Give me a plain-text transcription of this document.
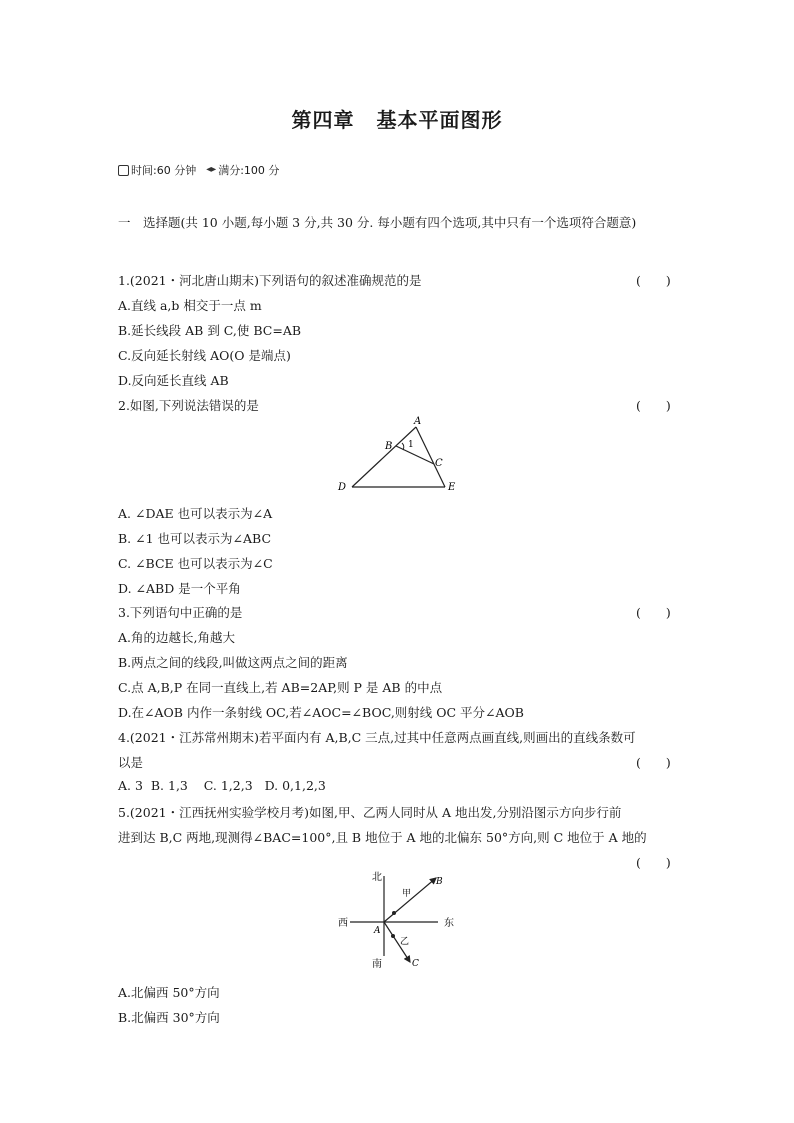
第四章 基本平面图形
时间:60 分钟 满分:100 分
一　选择题(共 10 小题,每小题 3 分,共 30 分. 每小题有四个选项,其中只有一个选项符合题意)
1.(2021・河北唐山期末)下列语句的叙述准确规范的是	(　　)
A.直线 a,b 相交于一点 m
B.延长线段 AB 到 C,使 BC=AB
C.反向延长射线 AO(O 是端点)
D.反向延长直线 AB
2.如图,下列说法错误的是	(　　)
A
B
C
D	E
1
A. ∠DAE 也可以表示为∠A
B. ∠1 也可以表示为∠ABC
C. ∠BCE 也可以表示为∠C
D. ∠ABD 是一个平角
3.下列语句中正确的是	(　　)
A.角的边越长,角越大
B.两点之间的线段,叫做这两点之间的距离
C.点 A,B,P 在同一直线上,若 AB=2AP,则 P 是 AB 的中点
D.在∠AOB 内作一条射线 OC,若∠AOC=∠BOC,则射线 OC 平分∠AOB
4.(2021・江苏常州期末)若平面内有 A,B,C 三点,过其中任意两点画直线,则画出的直线条数可
以是	(　　)
A. 3  B. 1,3    C. 1,2,3   D. 0,1,2,3
5.(2021・江西抚州实验学校月考)如图,甲、乙两人同时从 A 地出发,分别沿图示方向步行前
进到达 B,C 两地,现测得∠BAC=100°,且 B 地位于 A 地的北偏东 50°方向,则 C 地位于 A 地的
(　　)
北
南
东
西
A
B
C
甲
乙
A.北偏西 50°方向
B.北偏西 30°方向
